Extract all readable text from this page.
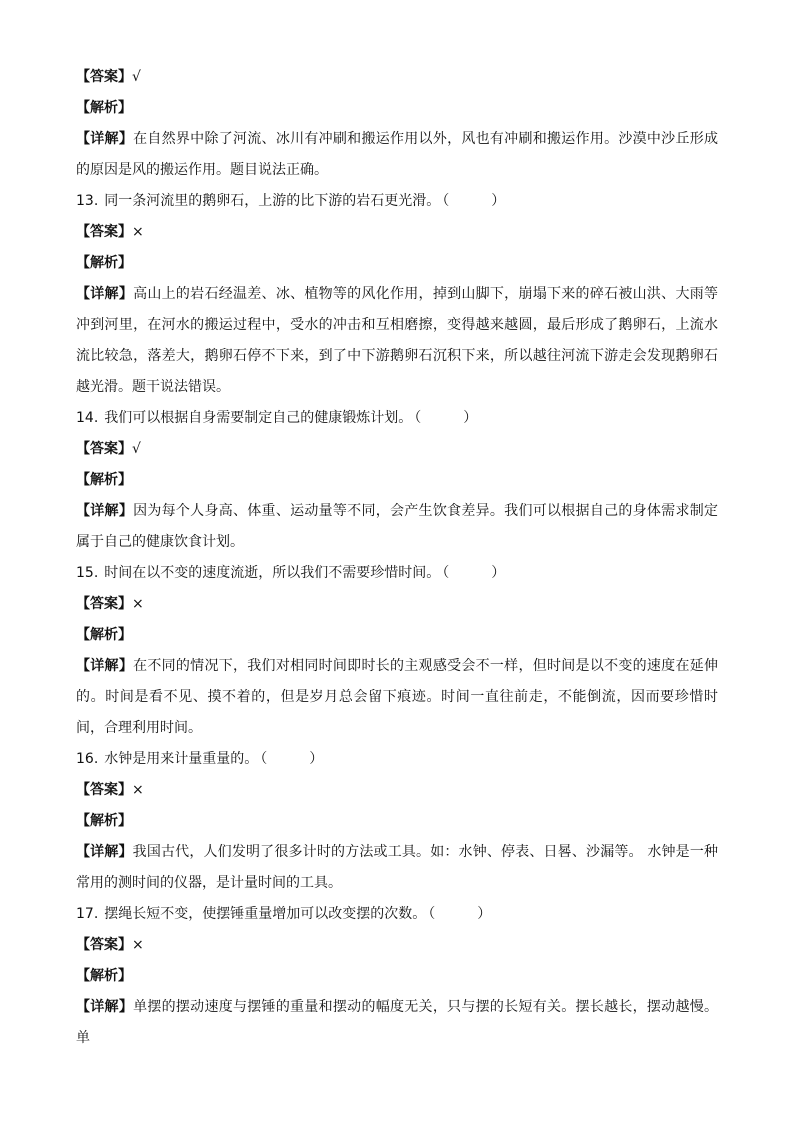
【答案】√
【解析】
【详解】在自然界中除了河流、冰川有冲刷和搬运作用以外，风也有冲刷和搬运作用。沙漠中沙丘形成的原因是风的搬运作用。题目说法正确。
13. 同一条河流里的鹅卵石，上游的比下游的岩石更光滑。 （　　　）
【答案】×
【解析】
【详解】高山上的岩石经温差、冰、植物等的风化作用，掉到山脚下，崩塌下来的碎石被山洪、大雨等冲到河里，在河水的搬运过程中，受水的冲击和互相磨擦，变得越来越圆，最后形成了鹅卵石，上流水流比较急，落差大，鹅卵石停不下来，到了中下游鹅卵石沉积下来，所以越往河流下游走会发现鹅卵石越光滑。题干说法错误。
14. 我们可以根据自身需要制定自己的健康锻炼计划。 （　　　）
【答案】√
【解析】
【详解】因为每个人身高、体重、运动量等不同，会产生饮食差异。我们可以根据自己的身体需求制定属于自己的健康饮食计划。
15. 时间在以不变的速度流逝，所以我们不需要珍惜时间。 （　　　）
【答案】×
【解析】
【详解】在不同的情况下，我们对相同时间即时长的主观感受会不一样，但时间是以不变的速度在延伸的。时间是看不见、摸不着的，但是岁月总会留下痕迹。时间一直往前走，不能倒流，因而要珍惜时间，合理利用时间。
16. 水钟是用来计量重量的。 （　　　）
【答案】×
【解析】
【详解】我国古代，人们发明了很多计时的方法或工具。如：水钟、停表、日晷、沙漏等。 水钟是一种常用的测时间的仪器，是计量时间的工具。
17. 摆绳长短不变，使摆锤重量增加可以改变摆的次数。 （　　　）
【答案】×
【解析】
【详解】单摆的摆动速度与摆锤的重量和摆动的幅度无关，只与摆的长短有关。摆长越长，摆动越慢。单
